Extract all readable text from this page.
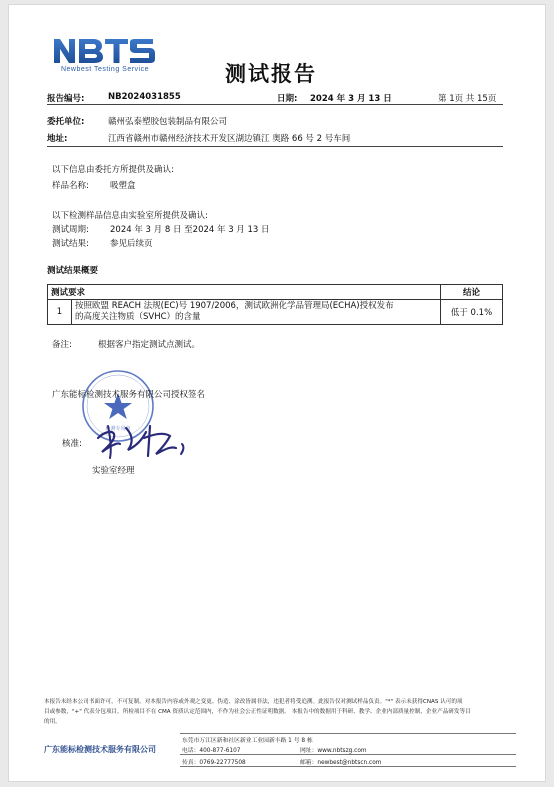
Newbest Testing Service	测试报告
报告编号:	NB2024031855	日期: 2024 年 3 月 13 日	第 1页 共 15页
委托单位:	赣州弘泰塑胶包装制品有限公司
地址:	江西省赣州市赣州经济技术开发区湖边镇江 奥路 66 号 2 号车间
以下信息由委托方所提供及确认:
样品名称: 吸塑盒
以下检测样品信息由实验室所提供及确认:
测试周期: 2024 年 3 月 8 日 至2024 年 3 月 13 日
测试结果: 参见后续页
测试结果概要
测试要求		结论
1	按照欧盟 REACH 法规(EC)号 1907/2006，测试欧洲化学品管理局(ECHA)授权发布
的高度关注物质（SVHC）的含量	低于 0.1%
备注:	根据客户指定测试点测试。
检测专用章
广东能标检测技术服务有限公司授权签名
核准:
实验室经理
本报告未经本公司书面许可，不可复制。对本报告内容或外观之变更、伪造、涂改皆属非法，违犯者将受追溯。此报告仅对测试样品负责。"*" 表示未获得CNAS 认可的项
目或参数，"+" 代表分包项目，所检项目不在 CMA 资质认定范围内，不作为社会公正性证明数据。 本报告中的数据用于科研、教学、企业内部质量控制、企业产品研发等目
的用。
东莞市万江区新和社区新业工业园新丰路 1 号 8 栋
广东能标检测技术服务有限公司	电话：400-877-6107	网址：www.nbtszg.com
传真：0769-22777508	邮箱：newbest@nbtscn.com
